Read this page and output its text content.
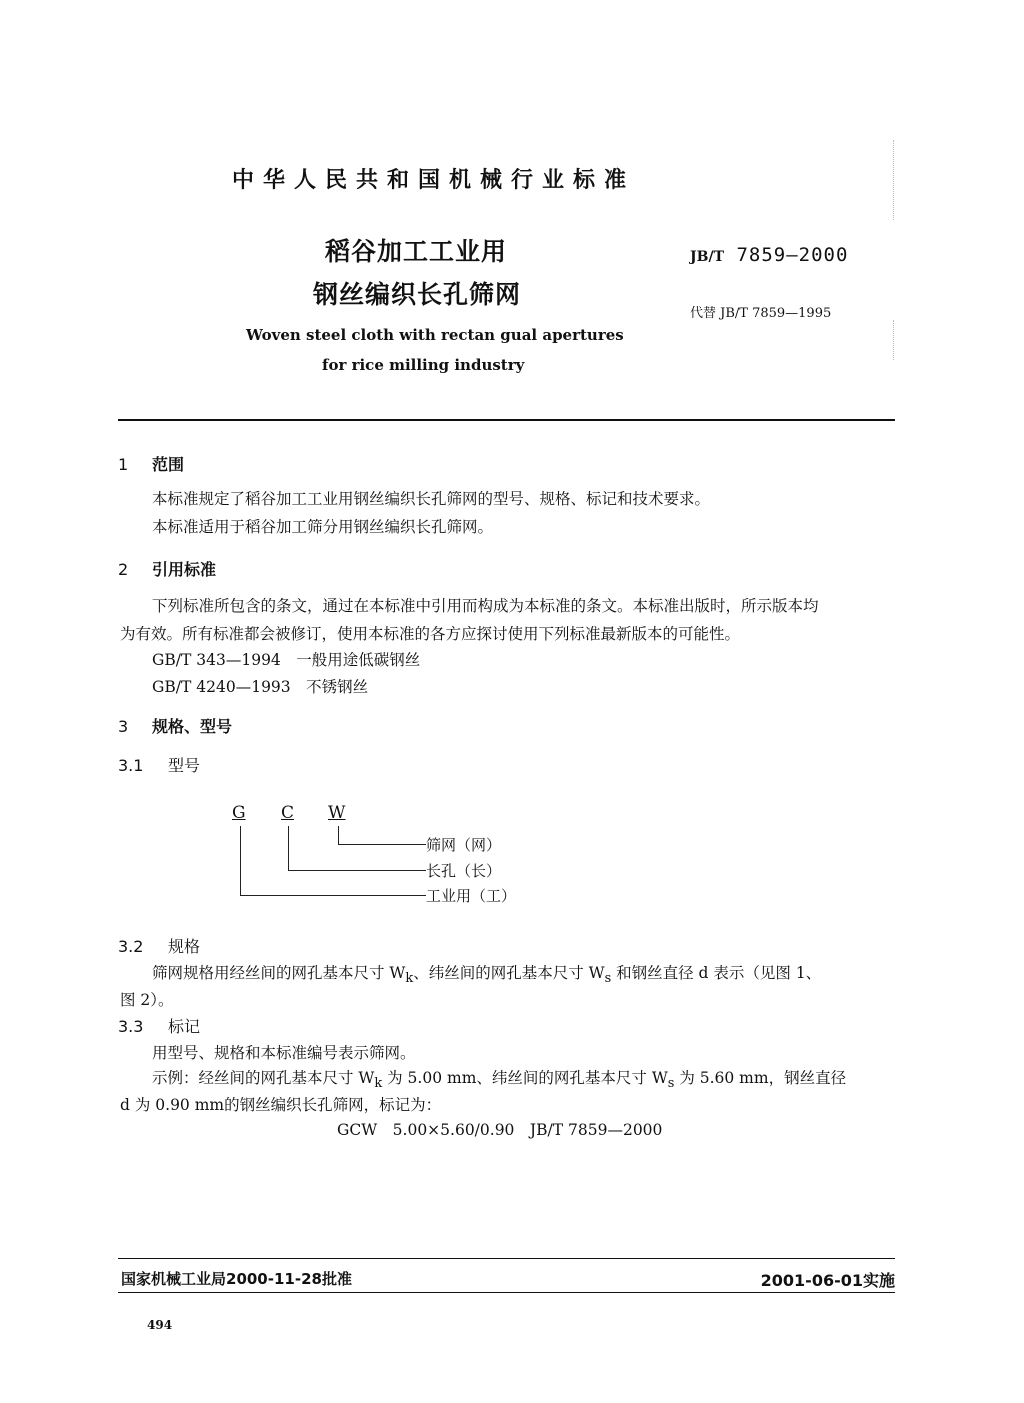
中华人民共和国机械行业标准
稻谷加工工业用
钢丝编织长孔筛网
Woven steel cloth with rectan gual apertures
for rice milling industry
JB/T 7859—2000
代替 JB/T 7859—1995
1 范围
本标准规定了稻谷加工工业用钢丝编织长孔筛网的型号、规格、标记和技术要求。
本标准适用于稻谷加工筛分用钢丝编织长孔筛网。
2 引用标准
下列标准所包含的条文，通过在本标准中引用而构成为本标准的条文。本标准出版时，所示版本均
为有效。所有标准都会被修订，使用本标准的各方应探讨使用下列标准最新版本的可能性。
GB/T 343—1994　一般用途低碳钢丝
GB/T 4240—1993　不锈钢丝
3 规格、型号
3.1 型号
G C W
筛网（网）
长孔（长）
工业用（工）
3.2 规格
筛网规格用经丝间的网孔基本尺寸 $W_k$、纬丝间的网孔基本尺寸 $W_s$ 和钢丝直径 d 表示（见图 1、
图 2）。
3.3 标记
用型号、规格和本标准编号表示筛网。
示例：经丝间的网孔基本尺寸 $W_k$ 为 5.00 mm、纬丝间的网孔基本尺寸 $W_s$ 为 5.60 mm，钢丝直径
d 为 0.90 mm的钢丝编织长孔筛网，标记为：
GCW　5.00×5.60/0.90　JB/T 7859—2000
国家机械工业局2000-11-28批准	2001-06-01实施
494
